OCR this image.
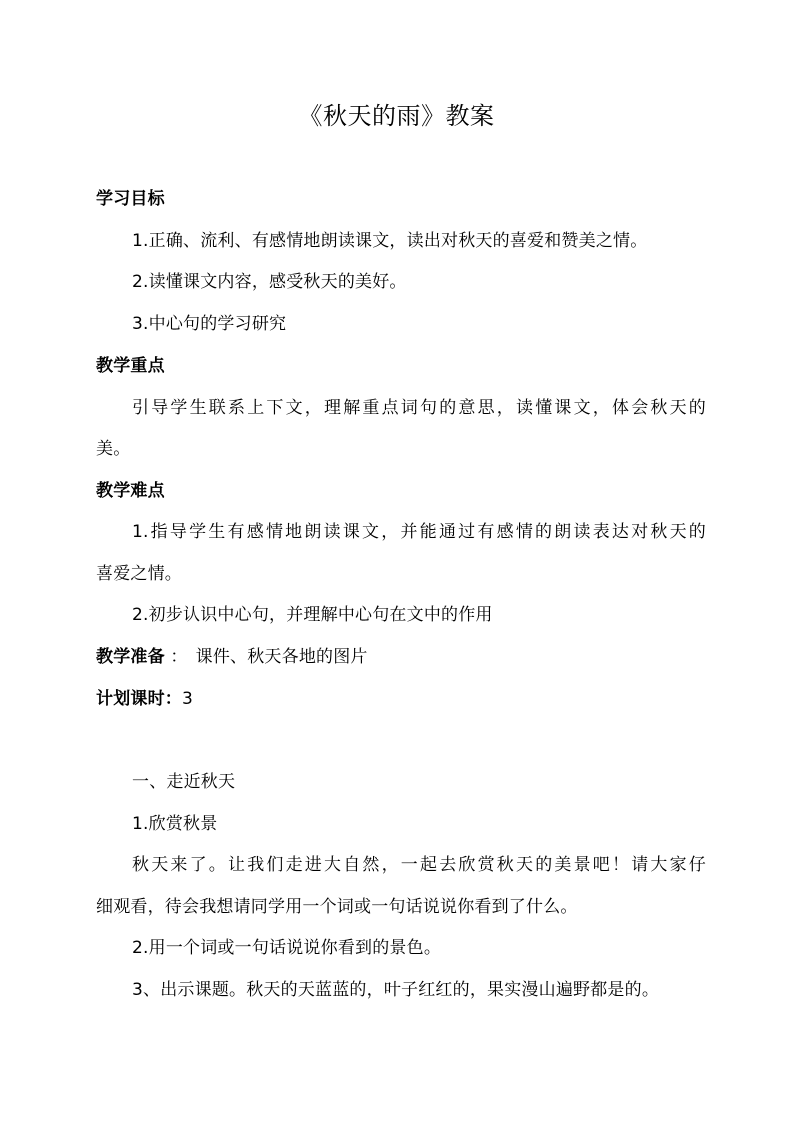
《秋天的雨》教案
学习目标
1.正确、流利、有感情地朗读课文，读出对秋天的喜爱和赞美之情。
2.读懂课文内容，感受秋天的美好。
3.中心句的学习研究
教学重点
引导学生联系上下文，理解重点词句的意思，读懂课文，体会秋天的
美。
教学难点
1.指导学生有感情地朗读课文，并能通过有感情的朗读表达对秋天的
喜爱之情。
2.初步认识中心句，并理解中心句在文中的作用
教学准备 ： 课件、秋天各地的图片
计划课时：3
一、走近秋天
1.欣赏秋景
秋天来了。让我们走进大自然，一起去欣赏秋天的美景吧！请大家仔
细观看，待会我想请同学用一个词或一句话说说你看到了什么。
2.用一个词或一句话说说你看到的景色。
3、出示课题。秋天的天蓝蓝的，叶子红红的，果实漫山遍野都是的。
